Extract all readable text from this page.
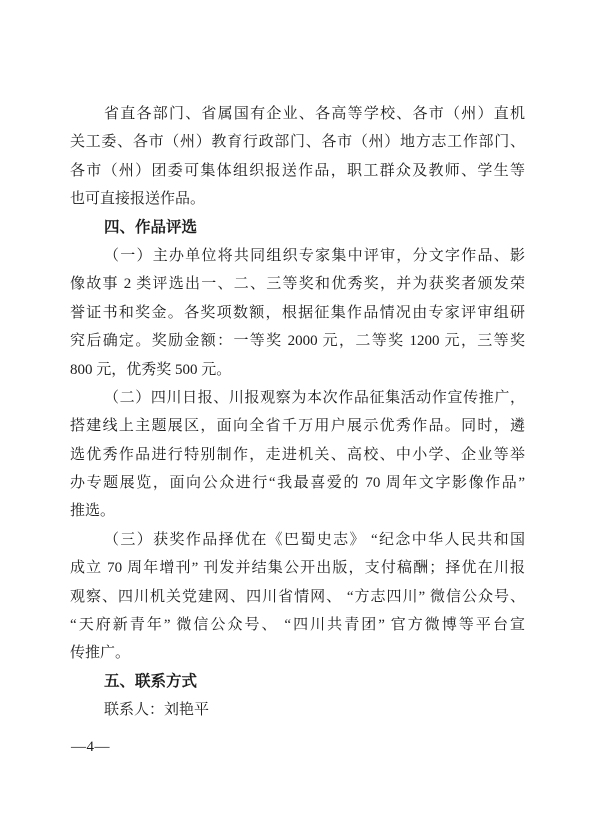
省直各部门、省属国有企业、各高等学校、各市（州）直机
关工委、各市（州）教育行政部门、各市（州）地方志工作部门、
各市（州）团委可集体组织报送作品，职工群众及教师、学生等
也可直接报送作品。
四、作品评选
（一）主办单位将共同组织专家集中评审，分文字作品、影
像故事 2 类评选出一、二、三等奖和优秀奖，并为获奖者颁发荣
誉证书和奖金。各奖项数额，根据征集作品情况由专家评审组研
究后确定。奖励金额：一等奖 2000 元，二等奖 1200 元，三等奖
800 元，优秀奖 500 元。
（二）四川日报、川报观察为本次作品征集活动作宣传推广，
搭建线上主题展区，面向全省千万用户展示优秀作品。同时，遴
选优秀作品进行特别制作，走进机关、高校、中小学、企业等举
办专题展览，面向公众进行“我最喜爱的 70 周年文字影像作品”
推选。
（三）获奖作品择优在《巴蜀史志》 “纪念中华人民共和国
成立 70 周年增刊” 刊发并结集公开出版，支付稿酬；择优在川报
观察、四川机关党建网、四川省情网、 “方志四川” 微信公众号、
“天府新青年” 微信公众号、 “四川共青团” 官方微博等平台宣
传推广。
五、联系方式
联系人：刘艳平
—4—
